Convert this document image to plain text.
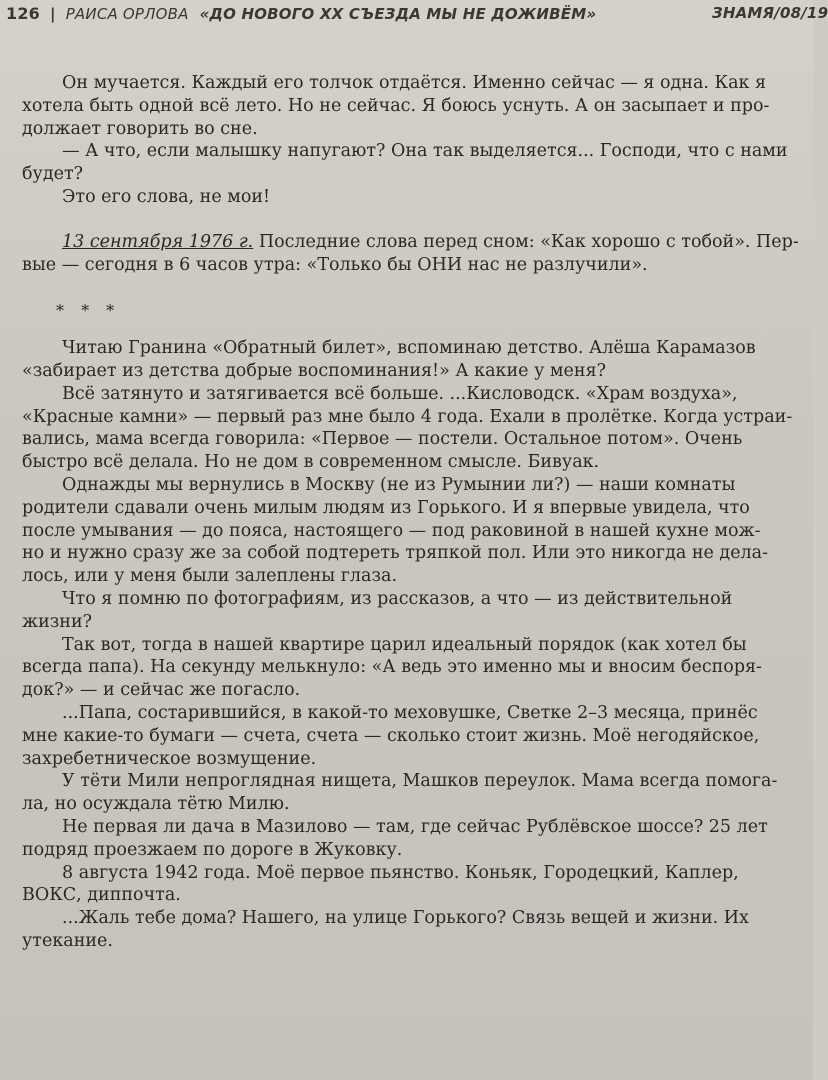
126 | РАИСА ОРЛОВА «ДО НОВОГО XX СЪЕЗДА МЫ НЕ ДОЖИВЁМ»	ЗНАМЯ/08/19
Он мучается. Каждый его толчок отдаётся. Именно сейчас — я одна. Как я
хотела быть одной всё лето. Но не сейчас. Я боюсь уснуть. А он засыпает и про-
должает говорить во сне.
— А что, если малышку напугают? Она так выделяется... Господи, что с нами
будет?
Это его слова, не мои!
13 сентября 1976 г. Последние слова перед сном: «Как хорошо с тобой». Пер-
вые — сегодня в 6 часов утра: «Только бы ОНИ нас не разлучили».
* * *
Читаю Гранина «Обратный билет», вспоминаю детство. Алёша Карамазов
«забирает из детства добрые воспоминания!» А какие у меня?
Всё затянуто и затягивается всё больше. ...Кисловодск. «Храм воздуха»,
«Красные камни» — первый раз мне было 4 года. Ехали в пролётке. Когда устраи-
вались, мама всегда говорила: «Первое — постели. Остальное потом». Очень
быстро всё делала. Но не дом в современном смысле. Бивуак.
Однажды мы вернулись в Москву (не из Румынии ли?) — наши комнаты
родители сдавали очень милым людям из Горького. И я впервые увидела, что
после умывания — до пояса, настоящего — под раковиной в нашей кухне мож-
но и нужно сразу же за собой подтереть тряпкой пол. Или это никогда не дела-
лось, или у меня были залеплены глаза.
Что я помню по фотографиям, из рассказов, а что — из действительной
жизни?
Так вот, тогда в нашей квартире царил идеальный порядок (как хотел бы
всегда папа). На секунду мелькнуло: «А ведь это именно мы и вносим беспоря-
док?» — и сейчас же погасло.
...Папа, состарившийся, в какой-то меховушке, Светке 2–3 месяца, принёс
мне какие-то бумаги — счета, счета — сколько стоит жизнь. Моё негодяйское,
захребетническое возмущение.
У тёти Мили непроглядная нищета, Машков переулок. Мама всегда помога-
ла, но осуждала тётю Милю.
Не первая ли дача в Мазилово — там, где сейчас Рублёвское шоссе? 25 лет
подряд проезжаем по дороге в Жуковку.
8 августа 1942 года. Моё первое пьянство. Коньяк, Городецкий, Каплер,
ВОКС, диппочта.
...Жаль тебе дома? Нашего, на улице Горького? Связь вещей и жизни. Их
утекание.
